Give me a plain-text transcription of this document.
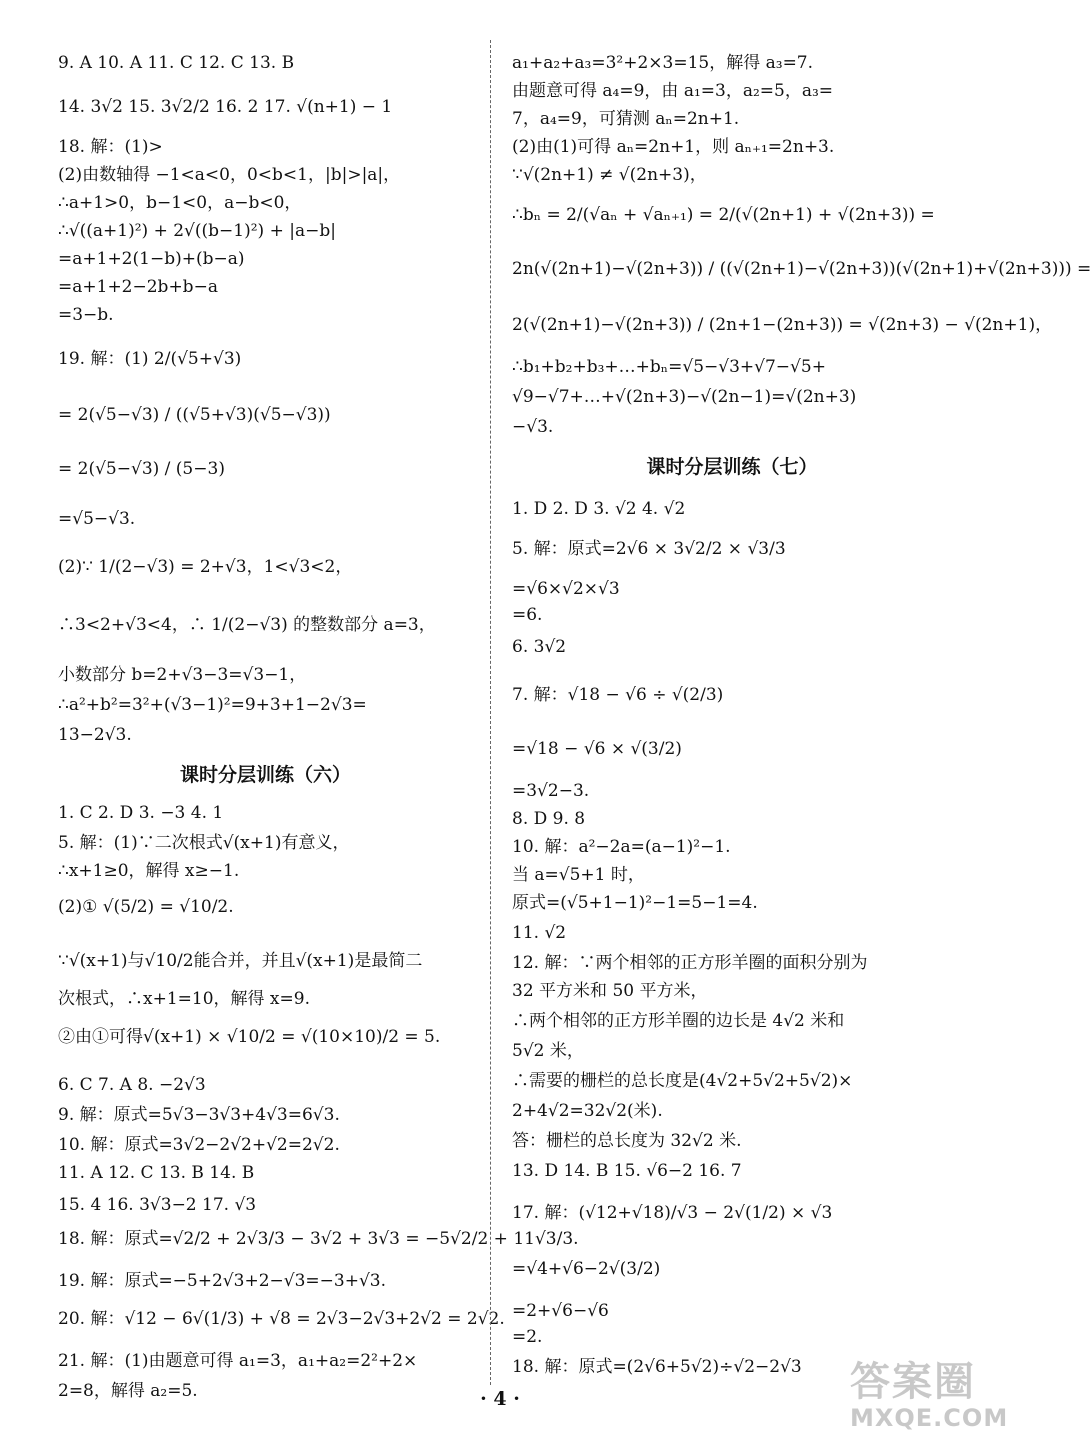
9. A 10. A 11. C 12. C 13. B
14. 3√2 15. 3√2/2 16. 2 17. √(n+1) − 1
18. 解：(1)>
(2)由数轴得 −1<a<0，0<b<1，|b|>|a|，
∴a+1>0，b−1<0，a−b<0，
∴√((a+1)²) + 2√((b−1)²) + |a−b|
=a+1+2(1−b)+(b−a)
=a+1+2−2b+b−a
=3−b.
19. 解：(1) 2/(√5+√3)
= 2(√5−√3) / ((√5+√3)(√5−√3))
= 2(√5−√3) / (5−3)
=√5−√3.
(2)∵ 1/(2−√3) = 2+√3，1<√3<2，
∴3<2+√3<4，∴ 1/(2−√3) 的整数部分 a=3，
小数部分 b=2+√3−3=√3−1，
∴a²+b²=3²+(√3−1)²=9+3+1−2√3=
13−2√3.
课时分层训练（六）
1. C 2. D 3. −3 4. 1
5. 解：(1)∵二次根式√(x+1)有意义，
∴x+1≥0，解得 x≥−1.
(2)① √(5/2) = √10/2.
∵√(x+1)与√10/2能合并，并且√(x+1)是最简二
次根式，∴x+1=10，解得 x=9.
②由①可得√(x+1) × √10/2 = √(10×10)/2 = 5.
6. C 7. A 8. −2√3
9. 解：原式=5√3−3√3+4√3=6√3.
10. 解：原式=3√2−2√2+√2=2√2.
11. A 12. C 13. B 14. B
15. 4 16. 3√3−2 17. √3
18. 解：原式=√2/2 + 2√3/3 − 3√2 + 3√3 = −5√2/2 + 11√3/3.
19. 解：原式=−5+2√3+2−√3=−3+√3.
20. 解：√12 − 6√(1/3) + √8 = 2√3−2√3+2√2 = 2√2.
21. 解：(1)由题意可得 a₁=3，a₁+a₂=2²+2×
2=8，解得 a₂=5.
a₁+a₂+a₃=3²+2×3=15，解得 a₃=7.
由题意可得 a₄=9，由 a₁=3，a₂=5，a₃=
7，a₄=9，可猜测 aₙ=2n+1.
(2)由(1)可得 aₙ=2n+1，则 aₙ₊₁=2n+3.
∵√(2n+1) ≠ √(2n+3)，
∴bₙ = 2/(√aₙ + √aₙ₊₁) = 2/(√(2n+1) + √(2n+3)) =
2n(√(2n+1)−√(2n+3)) / ((√(2n+1)−√(2n+3))(√(2n+1)+√(2n+3))) =
2(√(2n+1)−√(2n+3)) / (2n+1−(2n+3)) = √(2n+3) − √(2n+1)，
∴b₁+b₂+b₃+…+bₙ=√5−√3+√7−√5+
√9−√7+…+√(2n+3)−√(2n−1)=√(2n+3)
−√3.
课时分层训练（七）
1. D 2. D 3. √2 4. √2
5. 解：原式=2√6 × 3√2/2 × √3/3
=√6×√2×√3
=6.
6. 3√2
7. 解：√18 − √6 ÷ √(2/3)
=√18 − √6 × √(3/2)
=3√2−3.
8. D 9. 8
10. 解：a²−2a=(a−1)²−1.
当 a=√5+1 时，
原式=(√5+1−1)²−1=5−1=4.
11. √2
12. 解：∵两个相邻的正方形羊圈的面积分别为
32 平方米和 50 平方米，
∴两个相邻的正方形羊圈的边长是 4√2 米和
5√2 米，
∴需要的栅栏的总长度是(4√2+5√2+5√2)×
2+4√2=32√2(米).
答：栅栏的总长度为 32√2 米.
13. D 14. B 15. √6−2 16. 7
17. 解：(√12+√18)/√3 − 2√(1/2) × √3
=√4+√6−2√(3/2)
=2+√6−√6
=2.
18. 解：原式=(2√6+5√2)÷√2−2√3
· 4 ·	答案圈
MXQE.COM
